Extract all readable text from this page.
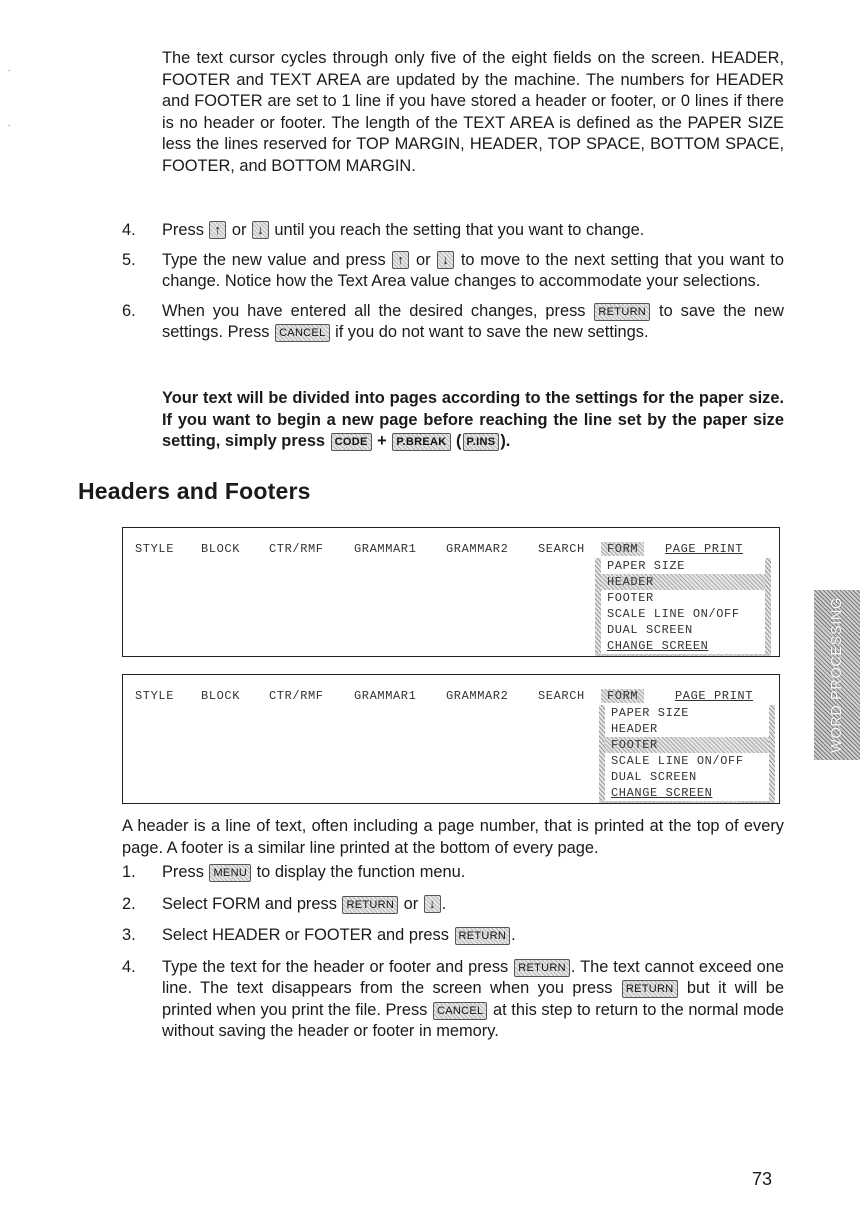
The text cursor cycles through only five of the eight fields on the screen. HEADER, FOOTER and TEXT AREA are updated by the machine. The numbers for HEADER and FOOTER are set to 1 line if you have stored a header or footer, or 0 lines if there is no header or footer. The length of the TEXT AREA is defined as the PAPER SIZE less the lines reserved for TOP MARGIN, HEADER, TOP SPACE, BOTTOM SPACE, FOOTER, and BOTTOM MARGIN.

4. Press ↑ or ↓ until you reach the setting that you want to change.
5. Type the new value and press ↑ or ↓ to move to the next setting that you want to change. Notice how the Text Area value changes to accommodate your selections.
6. When you have entered all the desired changes, press RETURN to save the new settings. Press CANCEL if you do not want to save the new settings.

Your text will be divided into pages according to the settings for the paper size. If you want to begin a new page before reaching the line set by the paper size setting, simply press CODE + P.BREAK ( P.INS ).

Headers and Footers
STYLE BLOCK CTR/RMF	GRAMMAR1 GRAMMAR2 SEARCH	FORM	PAGE PRINT
PAPER SIZE
HEADER
FOOTER
SCALE LINE ON/OFF
DUAL SCREEN
CHANGE SCREEN
STYLE BLOCK CTR/RMF	GRAMMAR1 GRAMMAR2 SEARCH	FORM	PAGE PRINT
PAPER SIZE
HEADER
FOOTER
SCALE LINE ON/OFF
DUAL SCREEN
CHANGE SCREEN
WORD PROCESSING

A header is a line of text, often including a page number, that is printed at the top of every page. A footer is a similar line printed at the bottom of every page.

1. Press MENU to display the function menu.
2. Select FORM and press RETURN or ↓ .
3. Select HEADER or FOOTER and press RETURN .
4. Type the text for the header or footer and press RETURN . The text cannot exceed one line. The text disappears from the screen when you press RETURN but it will be printed when you print the file. Press CANCEL at this step to return to the normal mode without saving the header or footer in memory.
73
